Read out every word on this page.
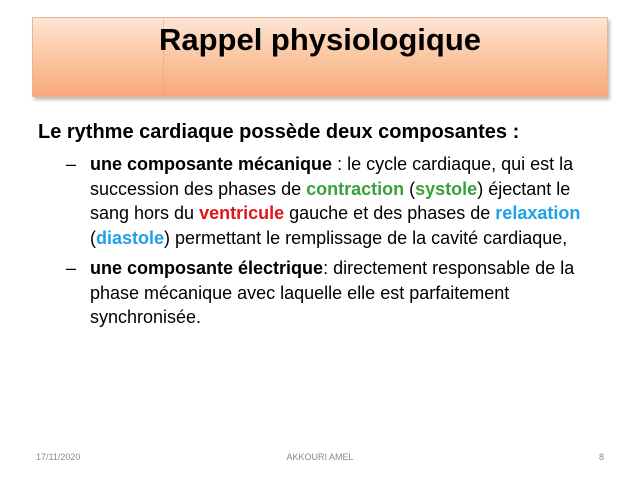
Rappel physiologique

Le rythme cardiaque possède deux composantes :

– une composante mécanique : le cycle cardiaque, qui est la succession des phases de contraction (systole) éjectant le sang hors du ventricule gauche et des phases de relaxation (diastole) permettant le remplissage de la cavité cardiaque,
– une composante électrique: directement responsable de la phase mécanique avec laquelle elle est parfaitement synchronisée.
17/11/2020	AKKOURI AMEL	8
